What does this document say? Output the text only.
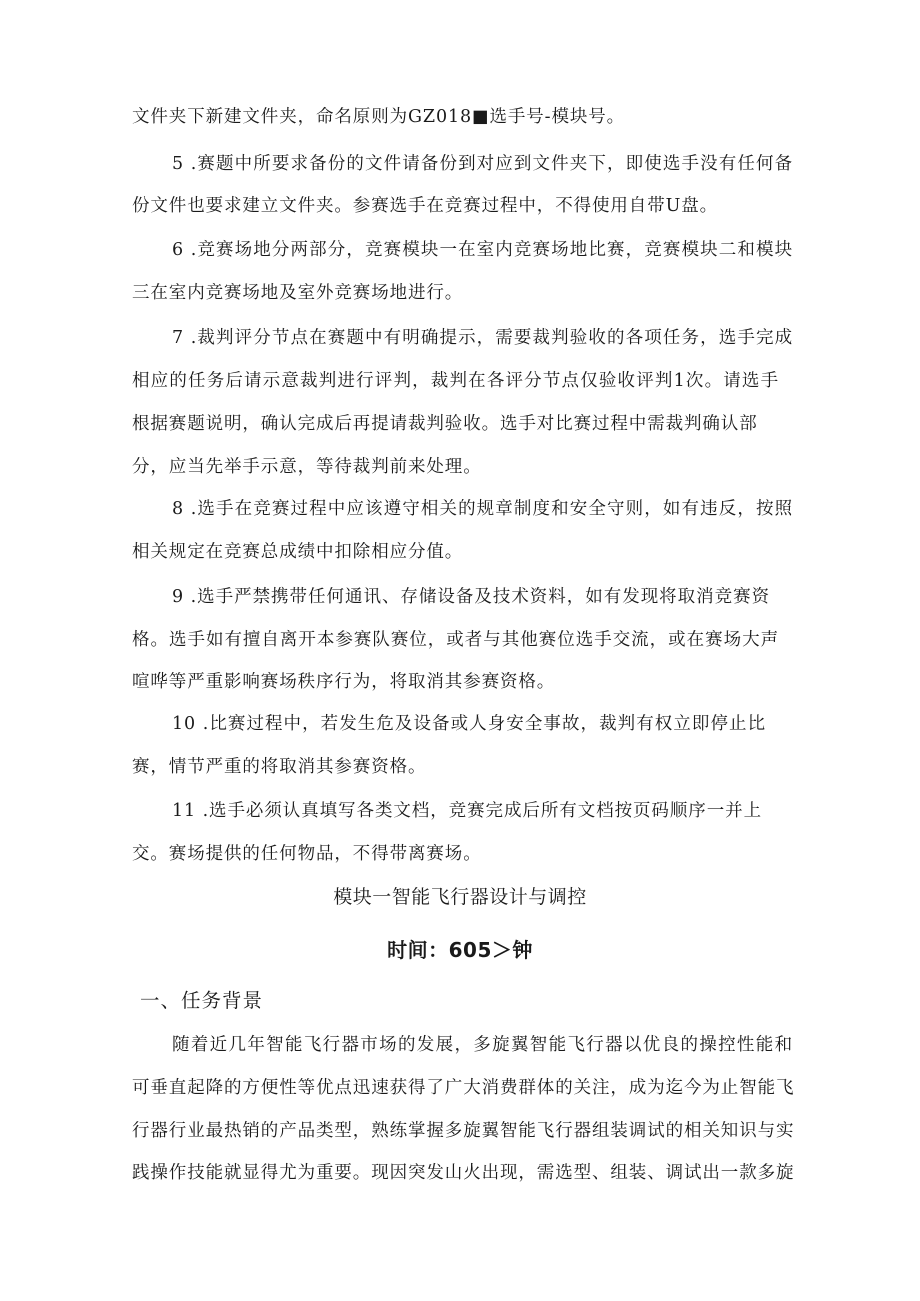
文件夹下新建文件夹，命名原则为GZ018■选手号-模块号。
5 .赛题中所要求备份的文件请备份到对应到文件夹下，即使选手没有任何备
份文件也要求建立文件夹。参赛选手在竞赛过程中，不得使用自带U盘。
6 .竞赛场地分两部分，竞赛模块一在室内竞赛场地比赛，竞赛模块二和模块
三在室内竞赛场地及室外竞赛场地进行。
7 .裁判评分节点在赛题中有明确提示，需要裁判验收的各项任务，选手完成
相应的任务后请示意裁判进行评判，裁判在各评分节点仅验收评判1次。请选手
根据赛题说明，确认完成后再提请裁判验收。选手对比赛过程中需裁判确认部
分，应当先举手示意，等待裁判前来处理。
8 .选手在竞赛过程中应该遵守相关的规章制度和安全守则，如有违反，按照
相关规定在竞赛总成绩中扣除相应分值。
9 .选手严禁携带任何通讯、存储设备及技术资料，如有发现将取消竞赛资
格。选手如有擅自离开本参赛队赛位，或者与其他赛位选手交流，或在赛场大声
喧哗等严重影响赛场秩序行为，将取消其参赛资格。
10 .比赛过程中，若发生危及设备或人身安全事故，裁判有权立即停止比
赛，情节严重的将取消其参赛资格。
11 .选手必须认真填写各类文档，竞赛完成后所有文档按页码顺序一并上
交。赛场提供的任何物品，不得带离赛场。
模块一智能飞行器设计与调控
时间：605＞钟
一、任务背景
随着近几年智能飞行器市场的发展，多旋翼智能飞行器以优良的操控性能和
可垂直起降的方便性等优点迅速获得了广大消费群体的关注，成为迄今为止智能飞
行器行业最热销的产品类型，熟练掌握多旋翼智能飞行器组装调试的相关知识与实
践操作技能就显得尤为重要。现因突发山火出现，需选型、组装、调试出一款多旋
